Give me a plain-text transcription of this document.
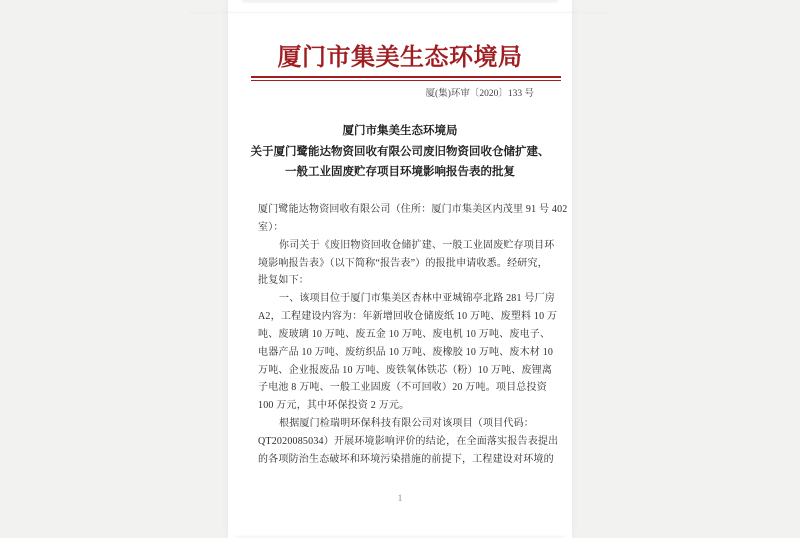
厦门市集美生态环境局
厦(集)环审〔2020〕133 号
厦门市集美生态环境局
关于厦门鹭能达物资回收有限公司废旧物资回收仓储扩建、
一般工业固废贮存项目环境影响报告表的批复
厦门鹭能达物资回收有限公司（住所：厦门市集美区内茂里 91 号 402
室）：
你司关于《废旧物资回收仓储扩建、一般工业固废贮存项目环
境影响报告表》（以下简称“报告表”）的报批申请收悉。经研究，
批复如下：
一、该项目位于厦门市集美区杏林中亚城锦亭北路 281 号厂房
A2，工程建设内容为：年新增回收仓储废纸 10 万吨、废塑料 10 万
吨、废玻璃 10 万吨、废五金 10 万吨、废电机 10 万吨、废电子、
电器产品 10 万吨、废纺织品 10 万吨、废橡胶 10 万吨、废木材 10
万吨、企业报废品 10 万吨、废铁氧体铁芯（粉）10 万吨、废锂离
子电池 8 万吨、一般工业固废（不可回收）20 万吨。项目总投资
100 万元，其中环保投资 2 万元。
根据厦门检瑞明环保科技有限公司对该项目（项目代码：
QT2020085034）开展环境影响评价的结论，在全面落实报告表提出
的各项防治生态破坏和环境污染措施的前提下，工程建设对环境的
1
